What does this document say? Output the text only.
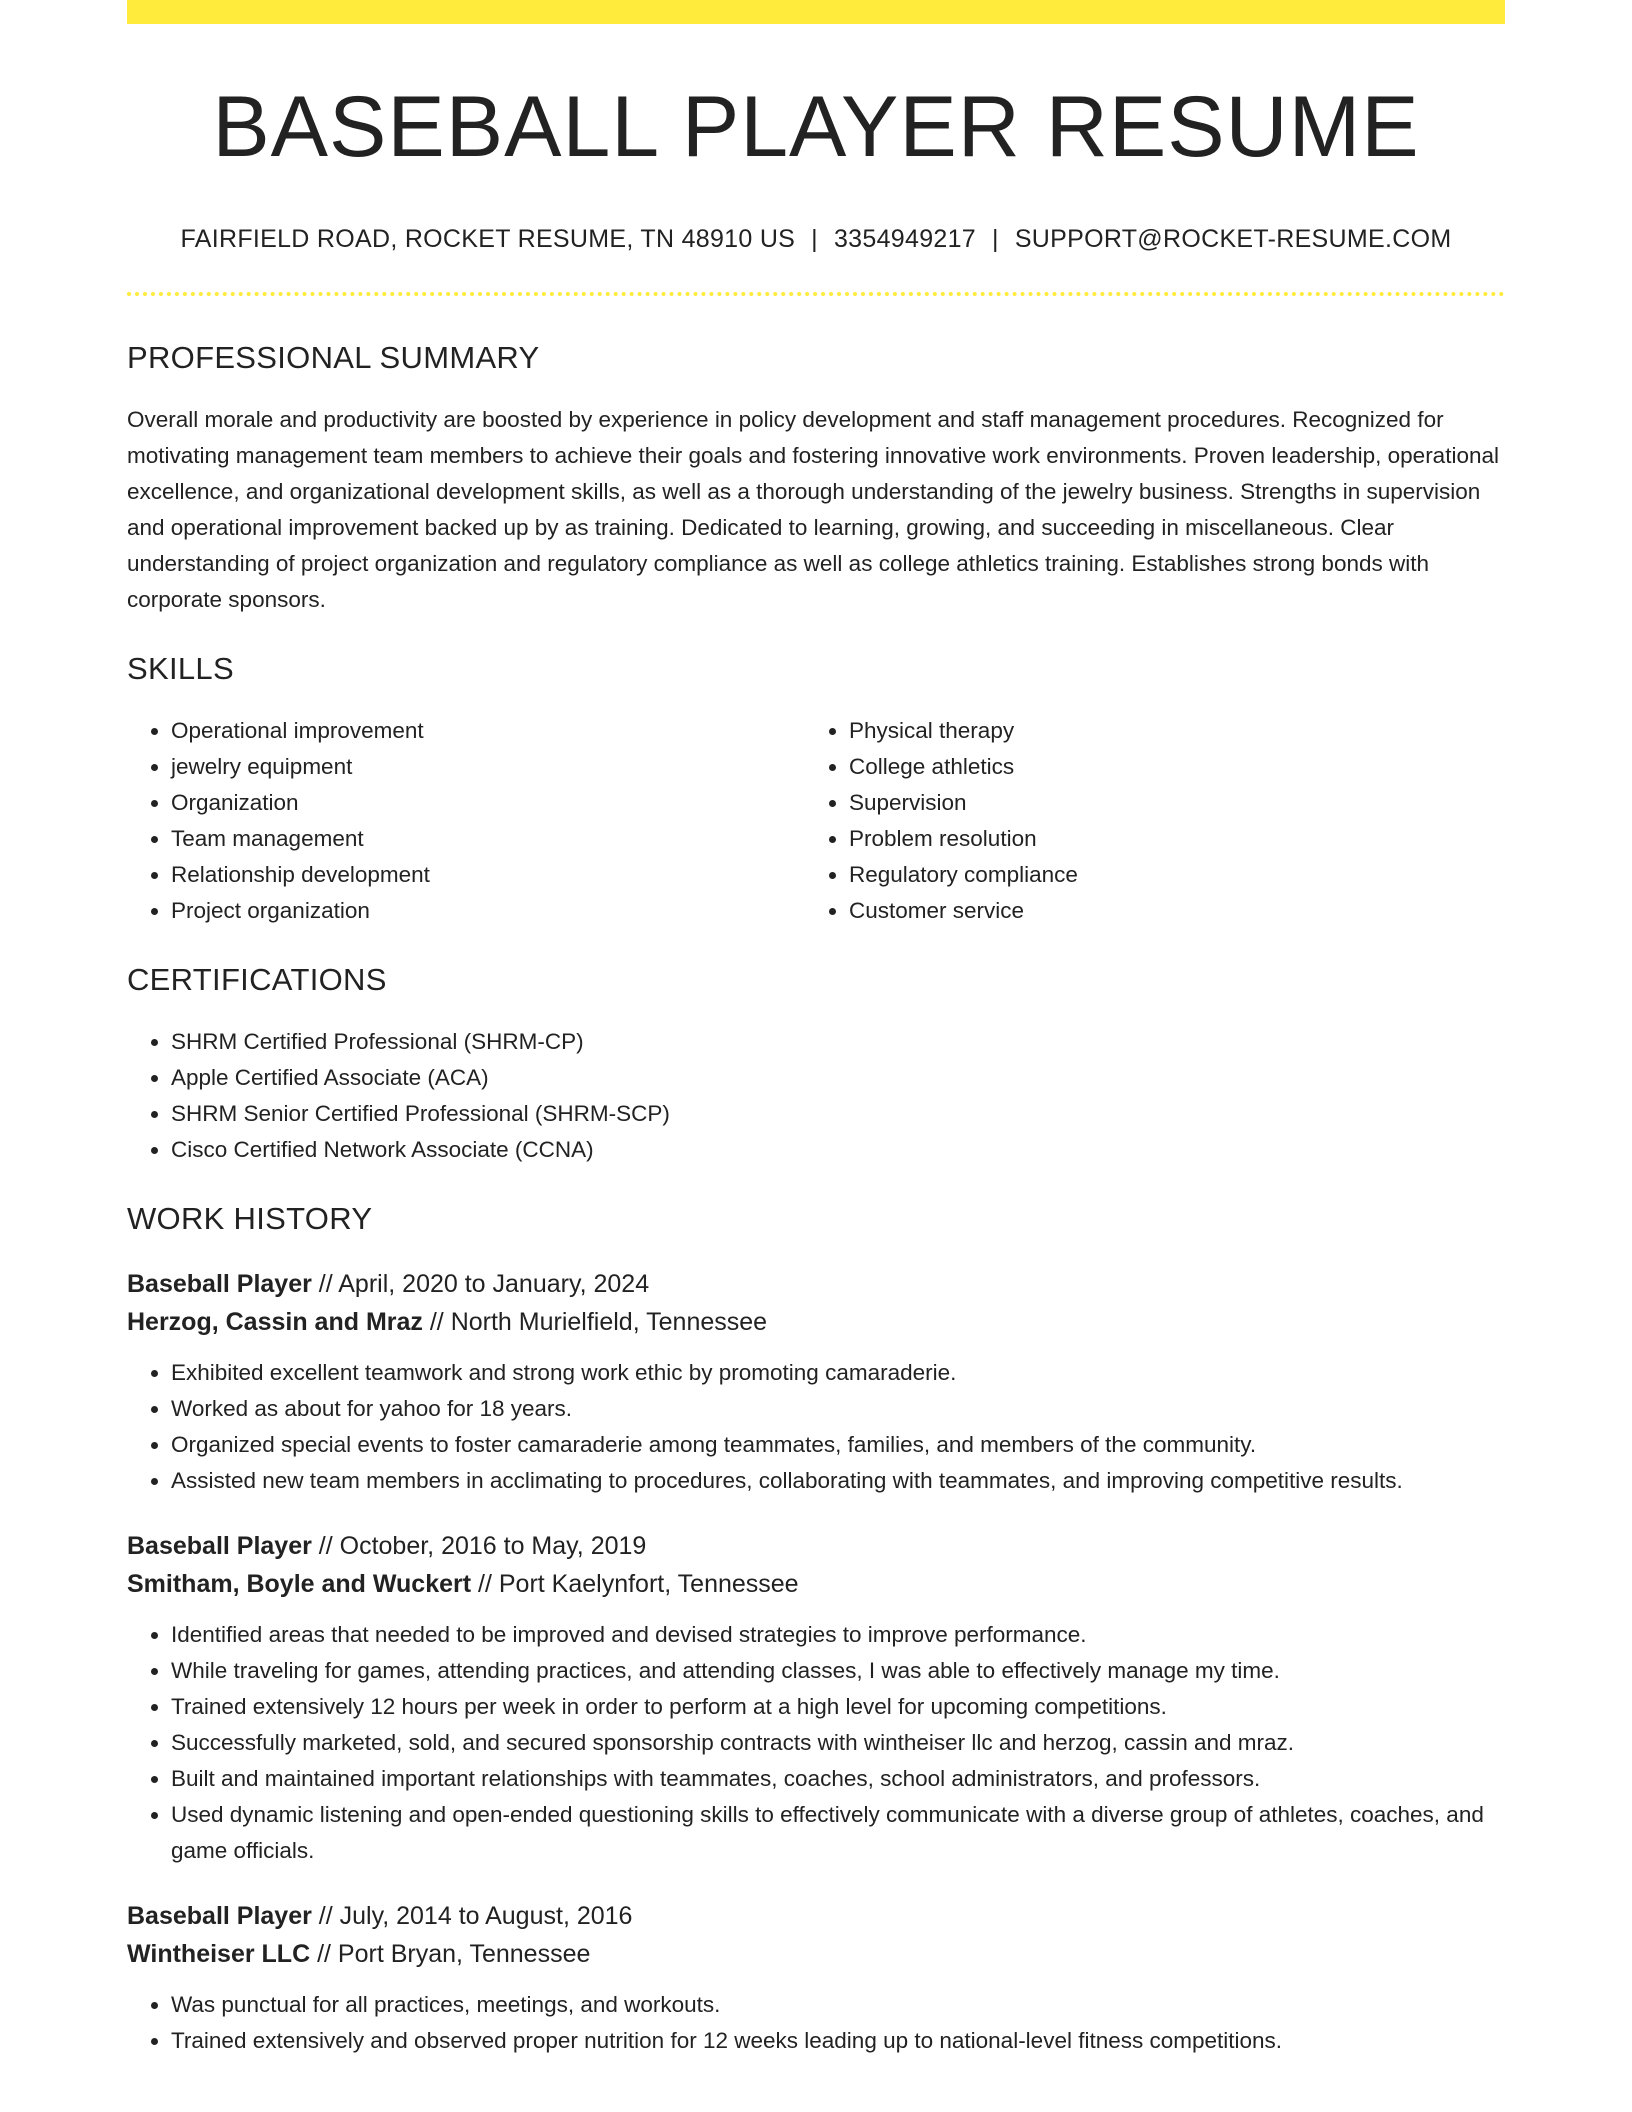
BASEBALL PLAYER RESUME
FAIRFIELD ROAD, ROCKET RESUME, TN 48910 US | 3354949217 | SUPPORT@ROCKET-RESUME.COM
PROFESSIONAL SUMMARY

Overall morale and productivity are boosted by experience in policy development and staff management procedures. Recognized for motivating management team members to achieve their goals and fostering innovative work environments. Proven leadership, operational excellence, and organizational development skills, as well as a thorough understanding of the jewelry business. Strengths in supervision and operational improvement backed up by as training. Dedicated to learning, growing, and succeeding in miscellaneous. Clear understanding of project organization and regulatory compliance as well as college athletics training. Establishes strong bonds with corporate sponsors.

SKILLS
• Operational improvement
• jewelry equipment
• Organization
• Team management
• Relationship development
• Project organization
• Physical therapy
• College athletics
• Supervision
• Problem resolution
• Regulatory compliance
• Customer service
CERTIFICATIONS
• SHRM Certified Professional (SHRM-CP)
• Apple Certified Associate (ACA)
• SHRM Senior Certified Professional (SHRM-SCP)
• Cisco Certified Network Associate (CCNA)
WORK HISTORY
Baseball Player // April, 2020 to January, 2024
Herzog, Cassin and Mraz // North Murielfield, Tennessee
• Exhibited excellent teamwork and strong work ethic by promoting camaraderie.
• Worked as about for yahoo for 18 years.
• Organized special events to foster camaraderie among teammates, families, and members of the community.
• Assisted new team members in acclimating to procedures, collaborating with teammates, and improving competitive results.
Baseball Player // October, 2016 to May, 2019
Smitham, Boyle and Wuckert // Port Kaelynfort, Tennessee
• Identified areas that needed to be improved and devised strategies to improve performance.
• While traveling for games, attending practices, and attending classes, I was able to effectively manage my time.
• Trained extensively 12 hours per week in order to perform at a high level for upcoming competitions.
• Successfully marketed, sold, and secured sponsorship contracts with wintheiser llc and herzog, cassin and mraz.
• Built and maintained important relationships with teammates, coaches, school administrators, and professors.
• Used dynamic listening and open-ended questioning skills to effectively communicate with a diverse group of athletes, coaches, and game officials.
Baseball Player // July, 2014 to August, 2016
Wintheiser LLC // Port Bryan, Tennessee
• Was punctual for all practices, meetings, and workouts.
• Trained extensively and observed proper nutrition for 12 weeks leading up to national-level fitness competitions.
